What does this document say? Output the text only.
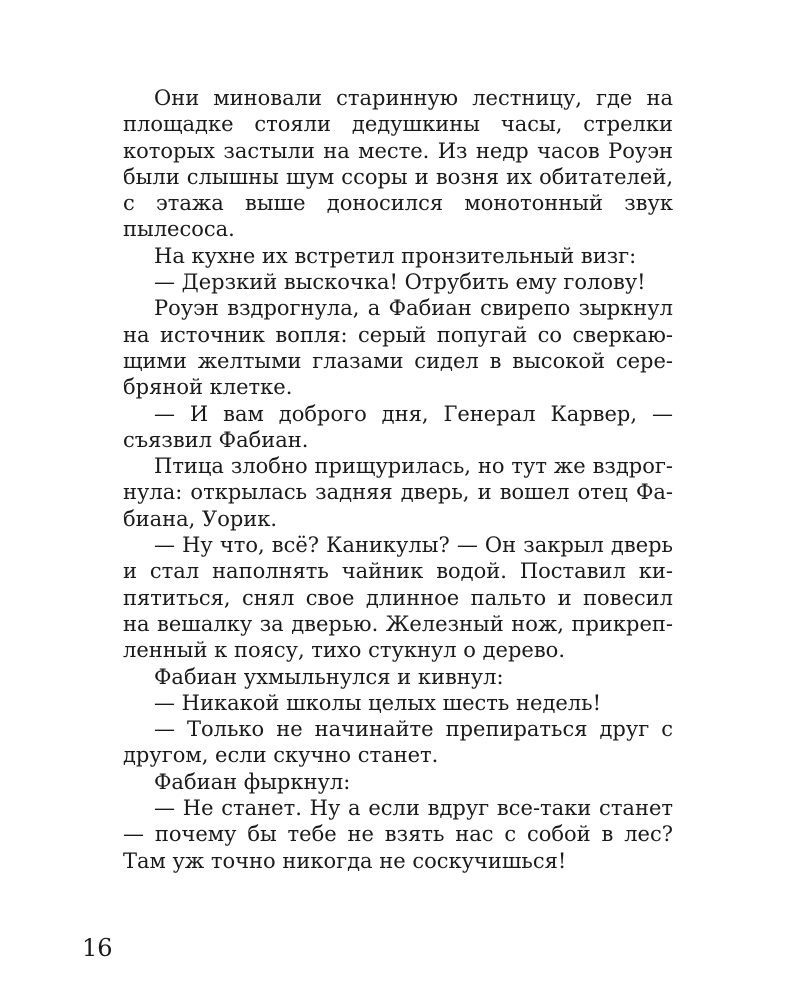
Они миновали старинную лестницу, где на площадке стояли дедушкины часы, стрелки которых застыли на месте. Из недр часов Роуэн были слышны шум ссоры и возня их обитателей, с этажа выше доносился монотонный звук пылесоса.

На кухне их встретил пронзительный визг:

— Дерзкий выскочка! Отрубить ему голову!

Роуэн вздрогнула, а Фабиан свирепо зыркнул на источник вопля: серый попугай со сверкающими желтыми глазами сидел в высокой серебряной клетке.

— И вам доброго дня, Генерал Карвер, — съязвил Фабиан.

Птица злобно прищурилась, но тут же вздрогнула: открылась задняя дверь, и вошел отец Фабиана, Уорик.

— Ну что, всё? Каникулы? — Он закрыл дверь и стал наполнять чайник водой. Поставил кипятиться, снял свое длинное пальто и повесил на вешалку за дверью. Железный нож, прикрепленный к поясу, тихо стукнул о дерево.

Фабиан ухмыльнулся и кивнул:

— Никакой школы целых шесть недель!

— Только не начинайте препираться друг с другом, если скучно станет.

Фабиан фыркнул:

— Не станет. Ну а если вдруг все-таки станет — почему бы тебе не взять нас с собой в лес? Там уж точно никогда не соскучишься!

16
